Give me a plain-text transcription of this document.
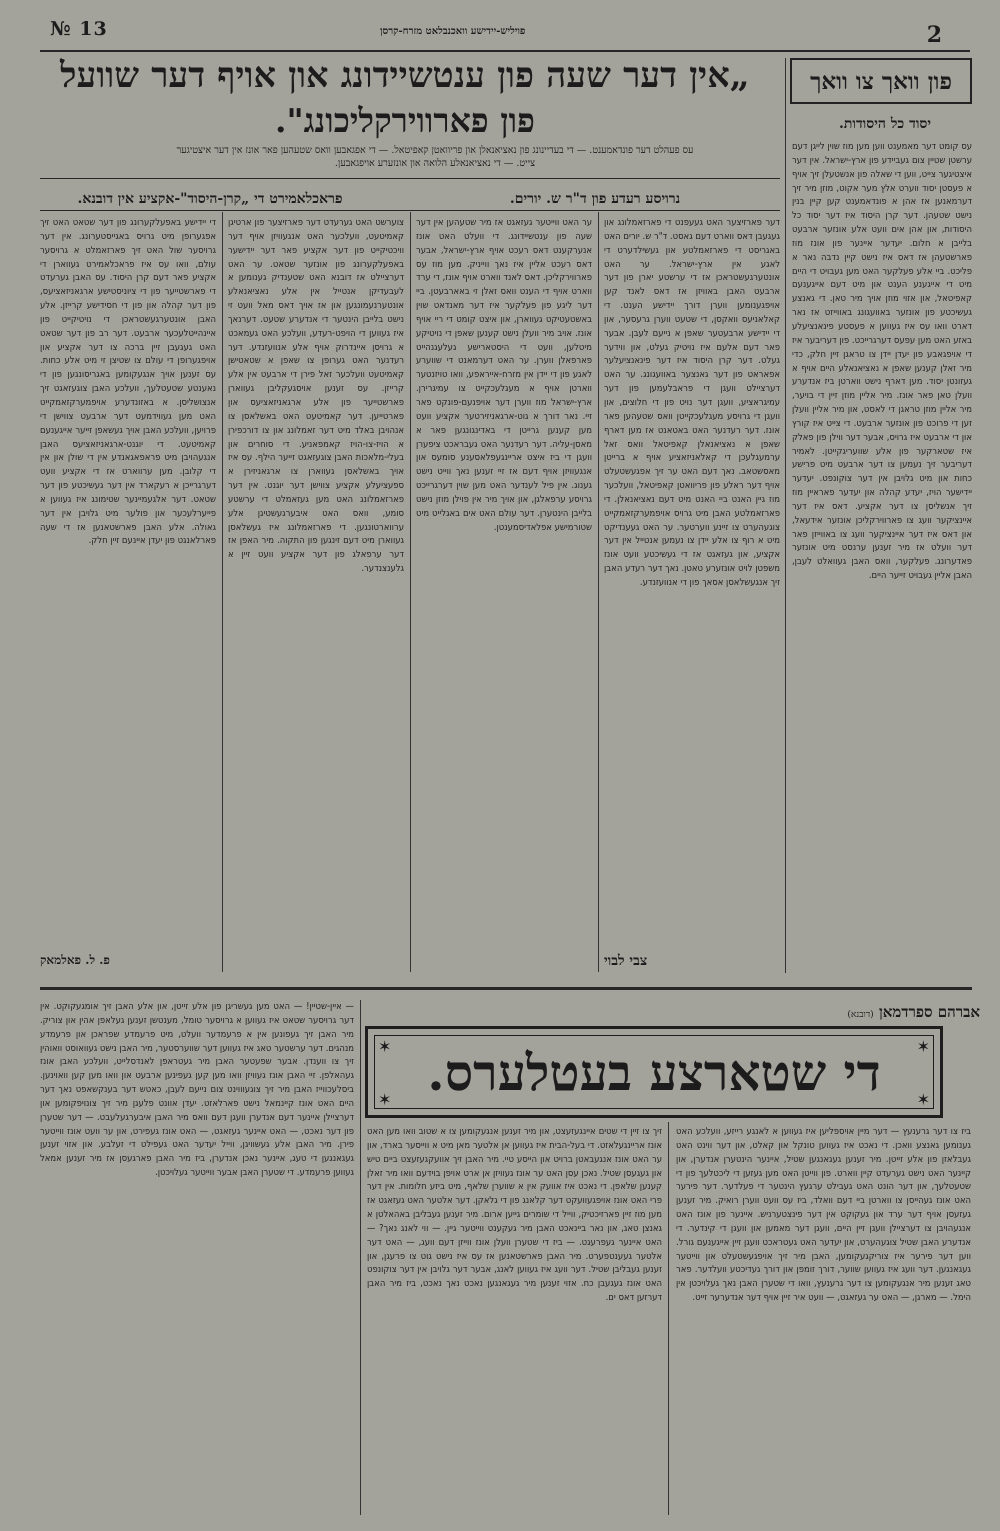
№ 13	פויליש-יידישע וואכנבלאט מזרח-קרסן	2
פון וואך צו וואך
יסוד כל היסודות.
„אין דער שעה פון ענטשיידונג און אויף דער שוועל
פון פארווירקליכונג".
עס פעהלט דער פונדאמענט. — די בעדיינונג פון נאציאנאלן און פריוואטן קאפיטאל. — די אפגאבען וואס שטעהען פאר אונז אין דער איצטיגער
צייט. — די נאציאנאלע הלואה און אונזערע אויפגאבען.
נרויסע רעדע פון ד"ר ש. יורים.
פראכלאמירט די „קרן-היסוד"-אקציע אין דובנא.
עס קומט דער מאמענט ווען מען מוז שוין לייגן דעם ערשטן שטיין צום געביידע פון ארץ-ישראל. אין דער איצטיגער צייט, ווען די שאלה פון אנשטעלן זיך אויף א פעסטן יסוד ווערט אלץ מער אקוט, מוזן מיר זיך דערמאנען אז אהן א פונדאמענט קען קיין בנין נישט שטעהן. דער קרן היסוד איז דער יסוד כל היסודות, און אהן אים וועט אלע אונזער ארבעט בלייבן א חלום. יעדער איינער פון אונז מוז פארשטעהן אז דאס איז נישט קיין נדבה נאר א פליכט. ביי אלע פעלקער האט מען געבויט די היים מיט די אייגענע הענט און מיט דעם אייגענעם קאפיטאל, און אזוי מוזן אויך מיר טאן. די גאנצע געשיכטע פון אונזער באוועגונג באווייזט אז נאר דארט וואו עס איז געווען א פעסטע פינאנציעלע באזע האט מען עפעס דערגרייכט. פון דעריבער איז די אויפגאבע פון יעדן יידן צו טראגן זיין חלק, כדי מיר זאלן קענען שאפן א נאציאנאלע היים אויף א געזונטן יסוד. מען דארף נישט ווארטן ביז אנדערע וועלן טאן פאר אונז. מיר אליין מוזן זיין די בויער, מיר אליין מוזן טראגן די לאסט, און מיר אליין וועלן זען די פרוכט פון אונזער ארבעט. די צייט איז קורץ און די ארבעט איז גרויס, אבער דער ווילן פון פאלק איז שטארקער פון אלע שוועריגקייטן. לאמיר דעריבער זיך נעמען צו דער ארבעט מיט פרישע כחות און מיט גלויבן אין דער צוקונפט. יעדער יידישער הויז, יעדע קהלה און יעדער פאראיין מוז זיך אנשליסן צו דער אקציע. דאס איז דער איינציקער וועג צו פארווירקליכן אונזער אידעאל, און דאס איז דער איינציקער וועג צו באווייזן פאר דער וועלט אז מיר זענען ערנסט מיט אונזער פאדערונג. פעלקער, וואס האבן געוואלט לעבן, האבן אליין געבויט זייער היים.
דער פארזיצער האט געעפנט די פארזאמלונג און געגעבן דאס ווארט דעם גאסט. ד"ר ש. יורים האט באגריסט די פארזאמלטע און געשילדערט די לאגע אין ארץ-ישראל. ער האט אונטערגעשטראכן אז די ערשטע יארן פון דער ארבעט האבן באוויזן אז דאס לאנד קען אויפגענומען ווערן דורך יידישע הענט. די קאלאניעס וואקסן, די שטעט ווערן גרעסער, און די יידישע ארבעטער שאפן א נייעם לעבן. אבער פאר דעם אלעם איז נויטיק געלט, און ווידער געלט. דער קרן היסוד איז דער פינאנציעלער אפאראט פון דער גאנצער באוועגונג. ער האט דערציילט וועגן די פראבלעמען פון דער עמיגראציע, וועגן דער נויט פון די חלוצים, און וועגן די גרויסע מעגלעכקייטן וואס שטעהען פאר אונז. דער רעדנער האט באטאנט אז מען דארף שאפן א נאציאנאלן קאפיטאל וואס זאל ערמעגלעכן די קאלאניזאציע אויף א ברייטן מאסשטאב. נאך דעם האט ער זיך אפגעשטעלט אויף דער ראלע פון פריוואטן קאפיטאל, וועלכער מוז גיין האנט ביי האנט מיט דעם נאציאנאלן. די פארזאמלטע האבן מיט גרויס אויפמערקזאמקייט צוגעהערט צו זיינע ווערטער. ער האט געענדיקט מיט א רוף צו אלע יידן צו נעמען אנטייל אין דער אקציע, און געזאגט אז די געשיכטע וועט אונז משפטן לויט אונזערע טאטן. נאך דער רעדע האבן זיך אנגעשלאסן אסאך פון די אנוועזנדע.
צבי לבוי
ער האט ווייטער געזאגט אז מיר שטעהען אין דער שעה פון ענטשיידונג. די וועלט האט אונז אנערקענט דאס רעכט אויף ארץ-ישראל, אבער דאס רעכט אליין איז נאך ווייניק. מען מוז עס פארווירקליכן. דאס לאנד ווארט אויף אונז, די ערד ווארט אויף די הענט וואס זאלן זי באארבעטן. ביי דער ליגע פון פעלקער איז דער מאנדאט שוין באשטעטיקט געווארן, און איצט קומט די ריי אויף אונז. אויב מיר וועלן נישט קענען שאפן די נויטיקע מיטלען, וועט די היסטארישע געלעגנהייט פארפאלן ווערן. ער האט דערמאנט די שווערע לאגע פון די יידן אין מזרח-אייראפע, וואו טויזנטער ווארטן אויף א מעגלעכקייט צו עמיגרירן. ארץ-ישראל מוז ווערן דער אויפנעם-פונקט פאר זיי. נאר דורך א גוט-ארגאניזירטער אקציע וועט מען קענען גרייטן די באדינגונגען פאר א מאסן-עליה. דער רעדנער האט געבראכט ציפערן וועגן די ביז איצט אריינגעפלאסענע סומעס און אנגעוויזן אויף דעם אז זיי זענען נאך ווייט נישט גענוג. אין פיל לענדער האט מען שוין דערגרייכט גרויסע ערפאלגן, און אויך מיר אין פוילן מוזן נישט בלייבן הינטערן. דער עולם האט אים באגלייט מיט שטורמישע אפלאדיסמענטן.
צוערשט האט גערעדט דער פארזיצער פון ארטיגן קאמיטעט, וועלכער האט אנגעוויזן אויף דער וויכטיקייט פון דער אקציע פאר דער יידישער באפעלקערונג פון אונזער שטאט. ער האט דערציילט אז דובנא האט שטענדיק גענומען א לעבעדיקן אנטייל אין אלע נאציאנאלע אונטערנעמונגען און אז אויך דאס מאל וועט זי נישט בלייבן הינטער די אנדערע שטעט. דערנאך איז געווען די הויפט-רעדע, וועלכע האט געמאכט א גרויסן איינדרוק אויף אלע אנוועזנדע. דער רעדנער האט גערופן צו שאפן א שטאטישן קאמיטעט וועלכער זאל פירן די ארבעט אין אלע קרייזן. עס זענען אויסגעקליבן געווארן פארשטייער פון אלע ארגאניזאציעס און פארטייען. דער קאמיטעט האט באשלאסן צו אנהויבן באלד מיט דער זאמלונג און צו דורכפירן א הויז-צו-הויז קאמפאניע. די סוחרים און בעלי-מלאכות האבן צוגעזאגט זייער הילף. עס איז אויך באשלאסן געווארן צו ארגאניזירן א ספעציעלע אקציע צווישן דער יוגנט. אין דער פארזאמלונג האט מען געזאמלט די ערשטע סומע, וואס האט איבערגעשטיגן אלע ערווארטונגען. די פארזאמלונג איז געשלאסן געווארן מיט דעם זינגען פון התקוה. מיר האפן אז דער ערפאלג פון דער אקציע וועט זיין א גלענצנדער.
די יידישע באפעלקערונג פון דער שטאט האט זיך אפגערופן מיט גרויס באגייסטערונג. אין דער גרויסער שול האט זיך פארזאמלט א גרויסער עולם, וואו עס איז פראכלאמירט געווארן די אקציע פאר דעם קרן היסוד. עס האבן גערעדט די פארשטייער פון די ציוניסטישע ארגאניזאציעס, פון דער קהלה און פון די חסידישע קרייזן. אלע האבן אונטערגעשטראכן די נויטיקייט פון איינהייטלעכער ארבעט. דער רב פון דער שטאט האט געגעבן זיין ברכה צו דער אקציע און אויפגערופן די עולם צו שטיצן זי מיט אלע כחות. עס זענען אויך אנגעקומען באגריסונגען פון די נאענטע שטעטלעך, וועלכע האבן צוגעזאגט זיך אנצושליסן. א באזונדערע אויפמערקזאמקייט האט מען געווידמעט דער ארבעט צווישן די פרויען, וועלכע האבן אויך געשאפן זייער אייגענעם קאמיטעט. די יוגנט-ארגאניזאציעס האבן אנגעהויבן מיט פראפאגאנדע אין די שולן און אין די קלובן. מען ערווארט אז די אקציע וועט דערגרייכן א רעקארד אין דער געשיכטע פון דער שטאט. דער אלגעמיינער שטימונג איז געווען א פייערלעכער און פולער מיט גלויבן אין דער גאולה. אלע האבן פארשטאנען אז די שעה פארלאנגט פון יעדן איינעם זיין חלק.
פ. ל. פאלמאק
אברהם ספרדמאן (דובנא)
די שטארצע בעטלערס.
✶	✶
✶	✶
ביז צו דער גרענעץ — דער מיין אויספליען איז געווען א לאנגע רייזע, וועלכע האט גענומען גאנצע וואכן. די נאכט איז געווען טונקל און קאלט, און דער ווינט האט געבלאזן פון אלע זייטן. מיר זענען געגאנגען שטיל, איינער הינטערן אנדערן, און קיינער האט נישט גערעדט קיין ווארט. פון ווייטן האט מען געזען די ליכטלעך פון די שטעטלעך, און דער הונט האט געבילט ערגעץ הינטער די פעלדער. דער פירער האט אונז געהייסן צו ווארטן ביי דעם וואלד, ביז עס וועט ווערן רואיק. מיר זענען געזעסן אויף דער ערד און געקוקט אין דער פינצטערניש. איינער פון אונז האט אנגעהויבן צו דערציילן וועגן זיין היים, וועגן דער מאמען און וועגן די קינדער. די אנדערע האבן שטיל צוגעהערט, און יעדער האט געטראכט וועגן זיין אייגענעם גורל. ווען דער פירער איז צוריקגעקומען, האבן מיר זיך אויפגעשטעלט און ווייטער געגאנגען. דער וועג איז געווען שווער, דורך זומפן און דורך געדיכטע וועלדער. פאר טאג זענען מיר אנגעקומען צו דער גרענעץ, וואו די שטערן האבן נאך געלויכטן אין הימל. — מארגן, — האט ער געזאגט, — וועט איר זיין אויף דער אנדערער זייט.
זיך צו זיין די שטים איינגעזעצט, און מיר זענען אנגעקומען צו א שטוב וואו מען האט אונז אריינגעלאזט. די בעל-הבית איז געווען אן אלטער מאן מיט א ווייסער בארד, און ער האט אונז אנגעבאטן ברויט און הייסע טיי. מיר האבן זיך אוועקגעזעצט ביים טיש און געגעסן שטיל. נאכן עסן האט ער אונז געוויזן אן ארט אויפן בוידעם וואו מיר זאלן קענען שלאפן. די נאכט איז אוועק אין א שווערן שלאף, מיט ביזע חלומות. אין דער פרי האט אונז אויפגעוועקט דער קלאנג פון די גלאקן. דער אלטער האט געזאגט אז מען מוז זיין פארזיכטיק, ווייל די שומרים גייען ארום. מיר זענען געבליבן באהאלטן א גאנצן טאג, און נאר ביינאכט האבן מיר געקענט ווייטער גיין. — ווי לאנג נאך? — האט איינער געפרעגט. — ביז די שטערן וועלן אונז ווייזן דעם וועג, — האט דער אלטער געענטפערט. מיר האבן פארשטאנען אז עס איז נישט גוט צו פרעגן, און זענען געבליבן שטיל. דער וועג איז געווען לאנג, אבער דער גלויבן אין דער צוקונפט האט אונז געגעבן כח. אזוי זענען מיר געגאנגען נאכט נאך נאכט, ביז מיר האבן דערזען דאס ים.
— איין-שטיין! — האט מען געשריגן פון אלע זייטן, און אלע האבן זיך אומגעקוקט. אין דער גרויסער שטאט איז געווען א גרויסער טומל, מענטשן זענען געלאפן אהין און צוריק. מיר האבן זיך געפונען אין א פרעמדער וועלט, מיט פרעמדע שפראכן און פרעמדע מנהגים. דער ערשטער טאג איז געווען דער שווערסטער, מיר האבן נישט געוואוסט וואוהין זיך צו ווענדן. אבער שפעטער האבן מיר געטראפן לאנדסלייט, וועלכע האבן אונז געהאלפן. זיי האבן אונז געוויזן וואו מען קען געפינען ארבעט און וואו מען קען וואוינען. ביסלעכווייז האבן מיר זיך צוגעוווינט צום נייעם לעבן, כאטש דער בענקשאפט נאך דער היים האט אונז קיינמאל נישט פארלאזט. יעדן אוונט פלעגן מיר זיך צונויפקומען און דערציילן איינער דעם אנדערן וועגן דעם וואס מיר האבן איבערגעלעבט. — דער שטערן פון דער נאכט, — האט איינער געזאגט, — האט אונז געפירט, און ער וועט אונז ווייטער פירן. מיר האבן אלע געשוויגן, ווייל יעדער האט געפילט די זעלבע. און אזוי זענען געגאנגען די טעג, איינער נאכן אנדערן, ביז מיר האבן פארגעסן אז מיר זענען אמאל געווען פרעמדע. די שטערן האבן אבער ווייטער געלויכטן.
